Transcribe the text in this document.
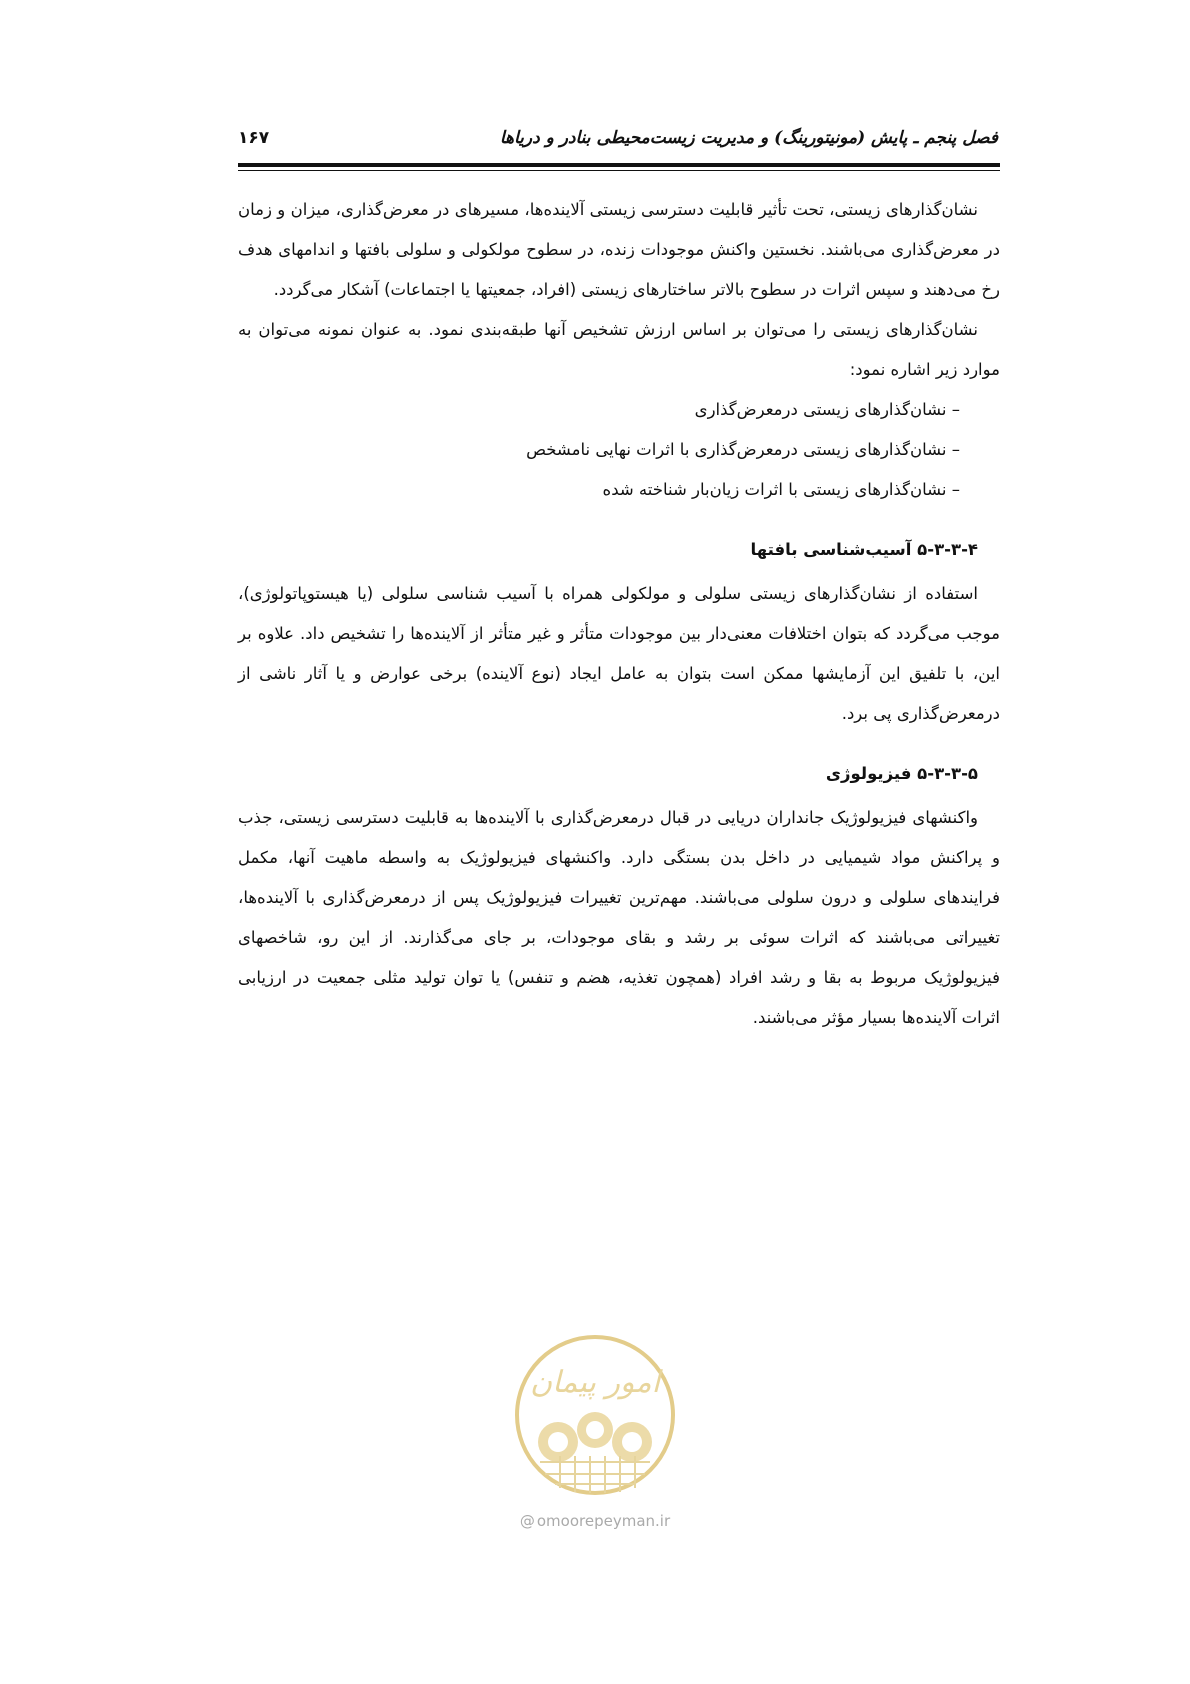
فصل پنجم ـ پایش (مونیتورینگ) و مدیریت زیست‌محیطی بنادر و دریاها
۱۶۷

نشان‌گذارهای زیستی، تحت تأثیر قابلیت دسترسی زیستی آلاینده‌ها، مسیرهای در معرض‌گذاری، میزان و زمان در معرض‌گذاری می‌باشند. نخستین واکنش موجودات زنده، در سطوح مولکولی و سلولی بافتها و اندامهای هدف رخ می‌دهند و سپس اثرات در سطوح بالاتر ساختارهای زیستی (افراد، جمعیتها یا اجتماعات) آشکار می‌گردد.

نشان‌گذارهای زیستی را می‌توان بر اساس ارزش تشخیص آنها طبقه‌بندی نمود. به عنوان نمونه می‌توان به موارد زیر اشاره نمود:

– نشان‌گذارهای زیستی درمعرض‌گذاری
– نشان‌گذارهای زیستی درمعرض‌گذاری با اثرات نهایی نامشخص
– نشان‌گذارهای زیستی با اثرات زیان‌بار شناخته شده
۵-۳-۳-۴ آسیب‌شناسی بافتها

استفاده از نشان‌گذارهای زیستی سلولی و مولکولی همراه با آسیب شناسی سلولی (یا هیستوپاتولوژی)، موجب می‌گردد که بتوان اختلافات معنی‌دار بین موجودات متأثر و غیر متأثر از آلاینده‌ها را تشخیص داد. علاوه بر این، با تلفیق این آزمایشها ممکن است بتوان به عامل ایجاد (نوع آلاینده) برخی عوارض و یا آثار ناشی از درمعرض‌گذاری پی برد.

۵-۳-۳-۵ فیزیولوژی

واکنشهای فیزیولوژیک جانداران دریایی در قبال درمعرض‌گذاری با آلاینده‌ها به قابلیت دسترسی زیستی، جذب و پراکنش مواد شیمیایی در داخل بدن بستگی دارد. واکنشهای فیزیولوژیک به واسطه ماهیت آنها، مکمل فرایندهای سلولی و درون سلولی می‌باشند. مهم‌ترین تغییرات فیزیولوژیک پس از درمعرض‌گذاری با آلاینده‌ها، تغییراتی می‌باشند که اثرات سوئی بر رشد و بقای موجودات، بر جای می‌گذارند. از این رو، شاخصهای فیزیولوژیک مربوط به بقا و رشد افراد (همچون تغذیه، هضم و تنفس) یا توان تولید مثلی جمعیت در ارزیابی اثرات آلاینده‌ها بسیار مؤثر می‌باشند.

امور پیمان
@ omoorepeyman.ir
